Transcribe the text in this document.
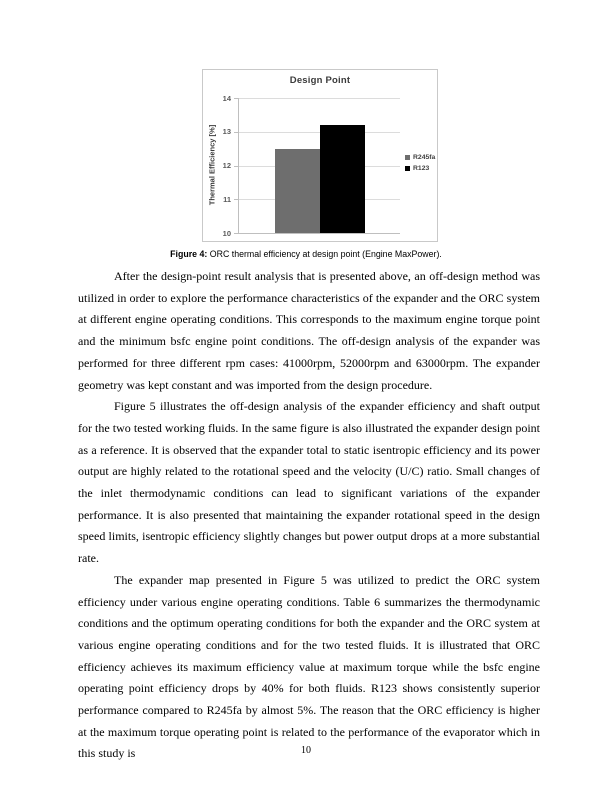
Design Point
Thermal Efficiency [%]
10
11
12
13
14
R245fa
R123
Figure 4: ORC thermal efficiency at design point (Engine MaxPower).

After the design-point result analysis that is presented above, an off-design method was utilized in order to explore the performance characteristics of the expander and the ORC system at different engine operating conditions. This corresponds to the maximum engine torque point and the minimum bsfc engine point conditions. The off-design analysis of the expander was performed for three different rpm cases: 41000rpm, 52000rpm and 63000rpm. The expander geometry was kept constant and was imported from the design procedure.

Figure 5 illustrates the off-design analysis of the expander efficiency and shaft output for the two tested working fluids. In the same figure is also illustrated the expander design point as a reference. It is observed that the expander total to static isentropic efficiency and its power output are highly related to the rotational speed and the velocity (U/C) ratio. Small changes of the inlet thermodynamic conditions can lead to significant variations of the expander performance. It is also presented that maintaining the expander rotational speed in the design speed limits, isentropic efficiency slightly changes but power output drops at a more substantial rate.

The expander map presented in Figure 5 was utilized to predict the ORC system efficiency under various engine operating conditions. Table 6 summarizes the thermodynamic conditions and the optimum operating conditions for both the expander and the ORC system at various engine operating conditions and for the two tested fluids. It is illustrated that ORC efficiency achieves its maximum efficiency value at maximum torque while the bsfc engine operating point efficiency drops by 40% for both fluids. R123 shows consistently superior performance compared to R245fa by almost 5%. The reason that the ORC efficiency is higher at the maximum torque operating point is related to the performance of the evaporator which in this study is	10
